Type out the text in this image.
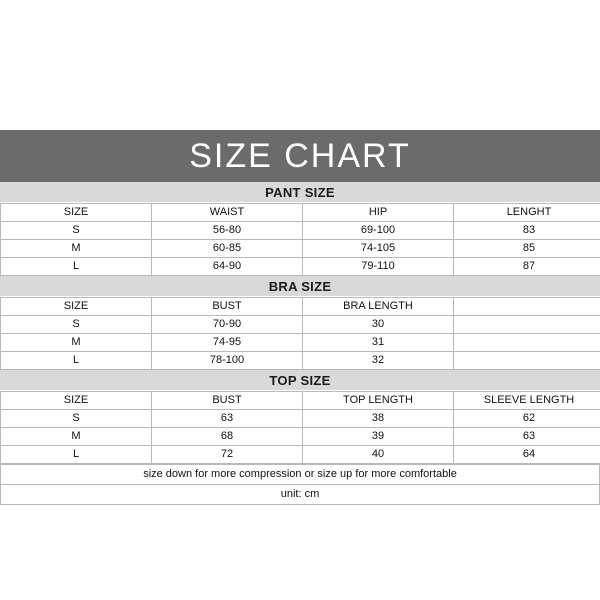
SIZE CHART
PANT SIZE
SIZE	WAIST	HIP	LENGHT
S	56-80	69-100	83
M	60-85	74-105	85
L	64-90	79-110	87
BRA SIZE
SIZE	BUST	BRA LENGTH	
S	70-90	30	
M	74-95	31	
L	78-100	32	
TOP SIZE
SIZE	BUST	TOP LENGTH	SLEEVE LENGTH
S	63	38	62
M	68	39	63
L	72	40	64
size down for more compression or size up for more comfortable
unit: cm
